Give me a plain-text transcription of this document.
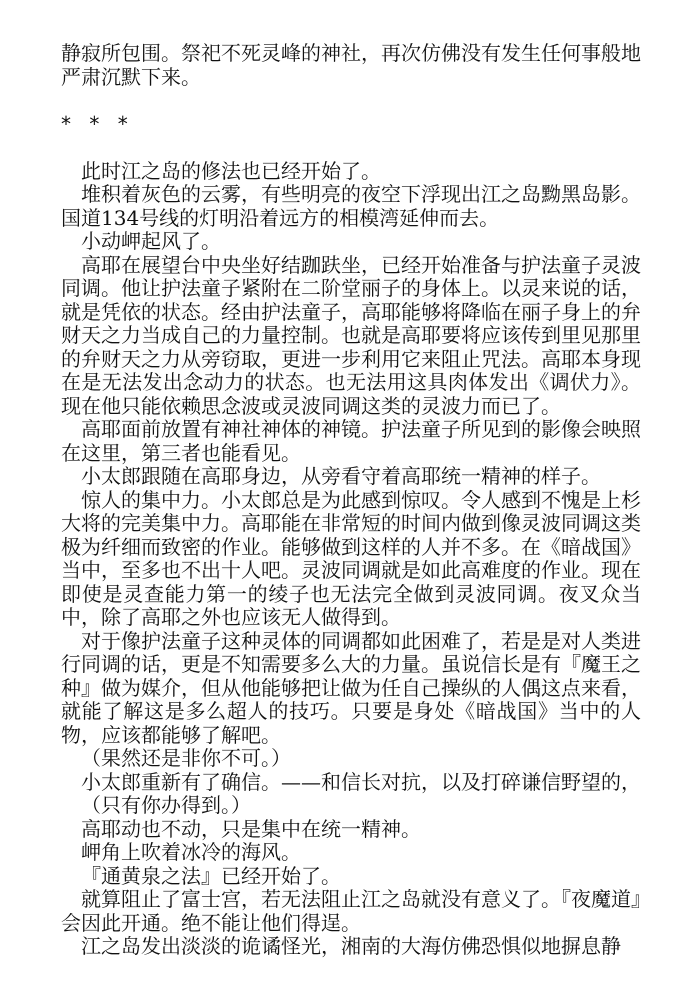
静寂所包围。祭祀不死灵峰的神社，再次仿佛没有发生任何事般地严肃沉默下来。

* * *

此时江之岛的修法也已经开始了。

堆积着灰色的云雾，有些明亮的夜空下浮现出江之岛黝黑岛影。国道134号线的灯明沿着远方的相模湾延伸而去。

小动岬起风了。

高耶在展望台中央坐好结跏趺坐，已经开始准备与护法童子灵波同调。他让护法童子紧附在二阶堂丽子的身体上。以灵来说的话，就是凭依的状态。经由护法童子，高耶能够将降临在丽子身上的弁财天之力当成自己的力量控制。也就是高耶要将应该传到里见那里的弁财天之力从旁窃取，更进一步利用它来阻止咒法。高耶本身现在是无法发出念动力的状态。也无法用这具肉体发出《调伏力》。现在他只能依赖思念波或灵波同调这类的灵波力而已了。

高耶面前放置有神社神体的神镜。护法童子所见到的影像会映照在这里，第三者也能看见。

小太郎跟随在高耶身边，从旁看守着高耶统一精神的样子。

惊人的集中力。小太郎总是为此感到惊叹。令人感到不愧是上杉大将的完美集中力。高耶能在非常短的时间内做到像灵波同调这类极为纤细而致密的作业。能够做到这样的人并不多。在《暗战国》当中，至多也不出十人吧。灵波同调就是如此高难度的作业。现在即使是灵查能力第一的绫子也无法完全做到灵波同调。夜叉众当中，除了高耶之外也应该无人做得到。

对于像护法童子这种灵体的同调都如此困难了，若是是对人类进行同调的话，更是不知需要多么大的力量。虽说信长是有『魔王之种』做为媒介，但从他能够把让做为任自己操纵的人偶这点来看，就能了解这是多么超人的技巧。只要是身处《暗战国》当中的人物，应该都能够了解吧。

（果然还是非你不可。）

小太郎重新有了确信。——和信长对抗，以及打碎谦信野望的，

（只有你办得到。）

高耶动也不动，只是集中在统一精神。

岬角上吹着冰冷的海风。

『通黄泉之法』已经开始了。

就算阻止了富士宫，若无法阻止江之岛就没有意义了。『夜魔道』会因此开通。绝不能让他们得逞。

江之岛发出淡淡的诡谲怪光，湘南的大海仿佛恐惧似地摒息静
